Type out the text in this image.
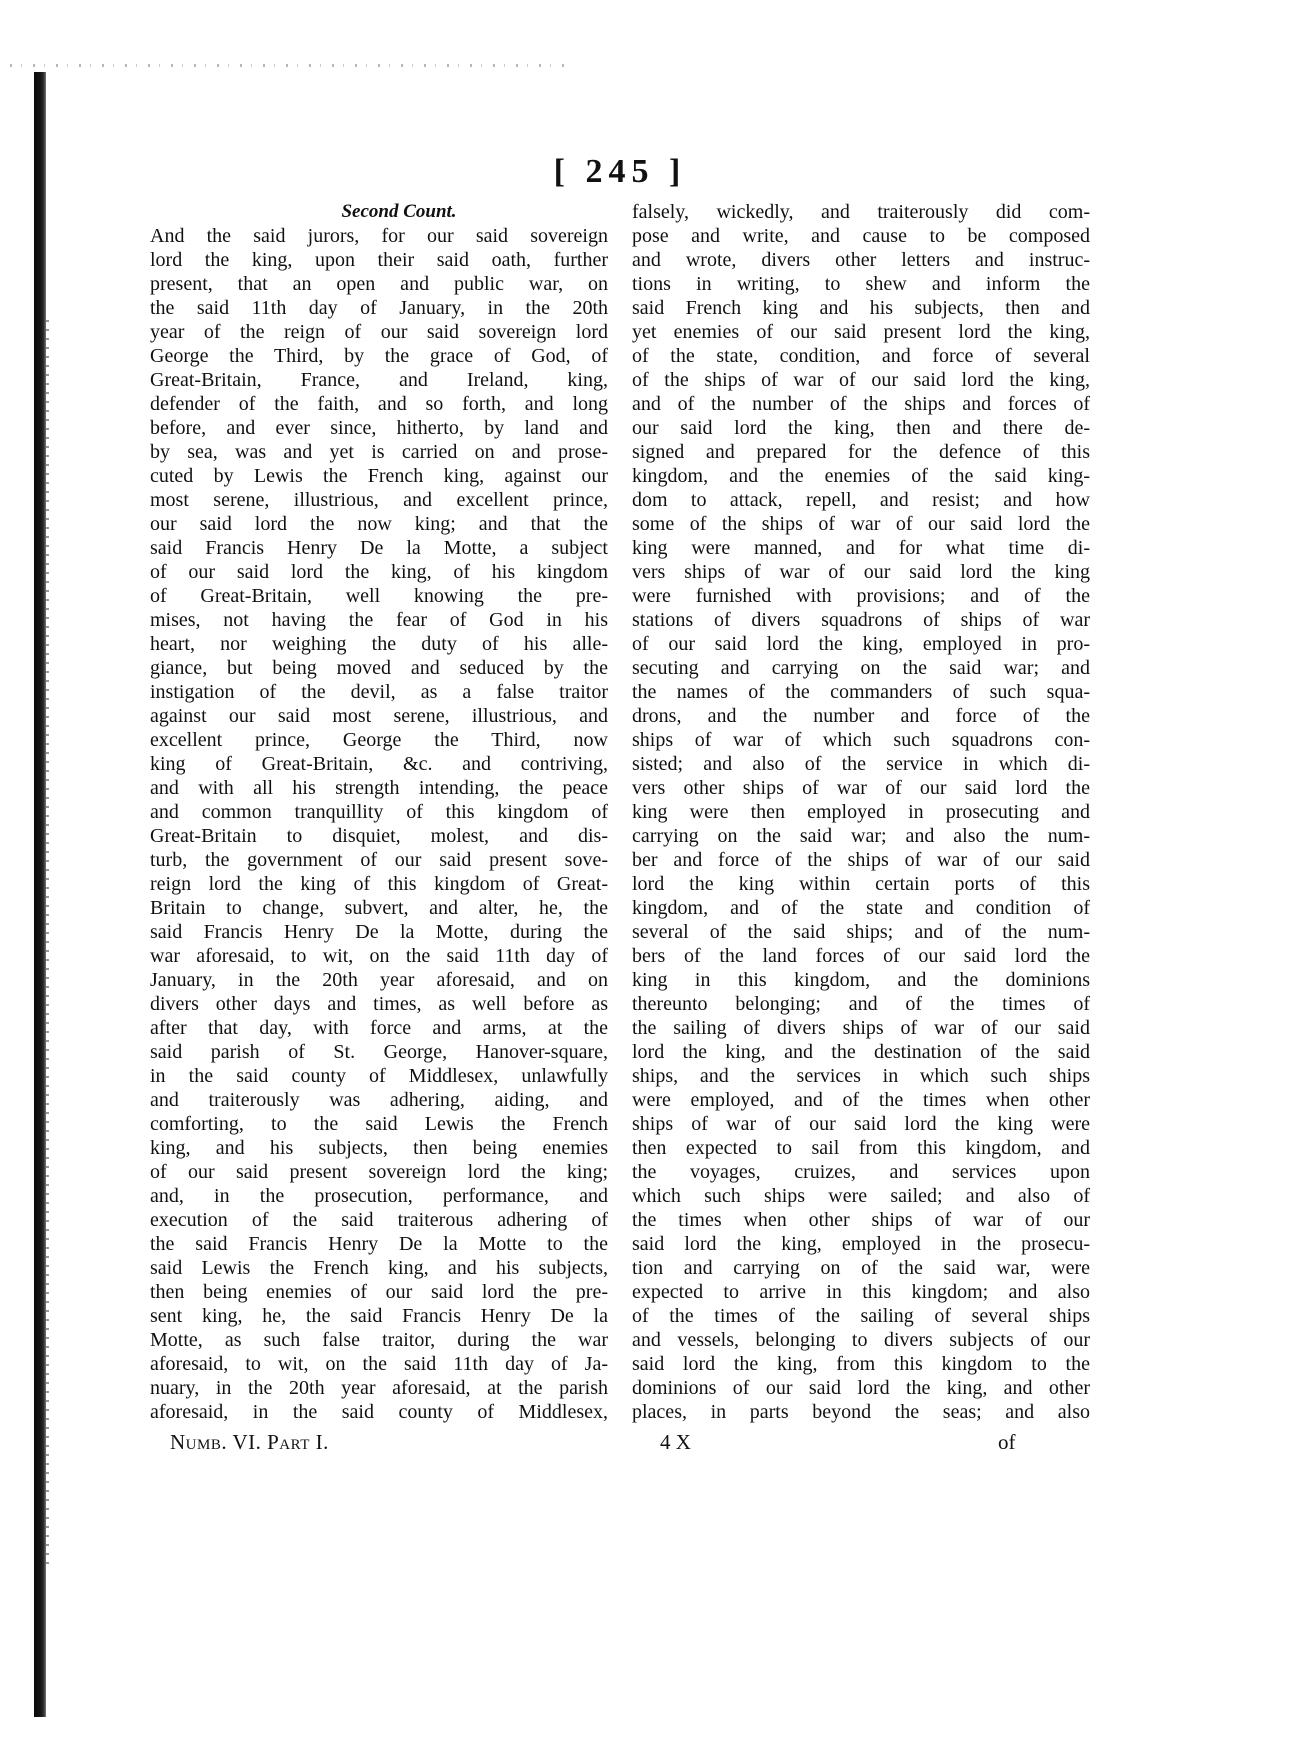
[ 245 ]
Second Count.
And the said jurors, for our said sovereign
lord the king, upon their said oath, further
present, that an open and public war, on
the said 11th day of January, in the 20th
year of the reign of our said sovereign lord
George the Third, by the grace of God, of
Great-Britain, France, and Ireland, king,
defender of the faith, and so forth, and long
before, and ever since, hitherto, by land and
by sea, was and yet is carried on and prose-
cuted by Lewis the French king, against our
most serene, illustrious, and excellent prince,
our said lord the now king; and that the
said Francis Henry De la Motte, a subject
of our said lord the king, of his kingdom
of Great-Britain, well knowing the pre-
mises, not having the fear of God in his
heart, nor weighing the duty of his alle-
giance, but being moved and seduced by the
instigation of the devil, as a false traitor
against our said most serene, illustrious, and
excellent prince, George the Third, now
king of Great-Britain, &c. and contriving,
and with all his strength intending, the peace
and common tranquillity of this kingdom of
Great-Britain to disquiet, molest, and dis-
turb, the government of our said present sove-
reign lord the king of this kingdom of Great-
Britain to change, subvert, and alter, he, the
said Francis Henry De la Motte, during the
war aforesaid, to wit, on the said 11th day of
January, in the 20th year aforesaid, and on
divers other days and times, as well before as
after that day, with force and arms, at the
said parish of St. George, Hanover-square,
in the said county of Middlesex, unlawfully
and traiterously was adhering, aiding, and
comforting, to the said Lewis the French
king, and his subjects, then being enemies
of our said present sovereign lord the king;
and, in the prosecution, performance, and
execution of the said traiterous adhering of
the said Francis Henry De la Motte to the
said Lewis the French king, and his subjects,
then being enemies of our said lord the pre-
sent king, he, the said Francis Henry De la
Motte, as such false traitor, during the war
aforesaid, to wit, on the said 11th day of Ja-
nuary, in the 20th year aforesaid, at the parish
aforesaid, in the said county of Middlesex,
falsely, wickedly, and traiterously did com-
pose and write, and cause to be composed
and wrote, divers other letters and instruc-
tions in writing, to shew and inform the
said French king and his subjects, then and
yet enemies of our said present lord the king,
of the state, condition, and force of several
of the ships of war of our said lord the king,
and of the number of the ships and forces of
our said lord the king, then and there de-
signed and prepared for the defence of this
kingdom, and the enemies of the said king-
dom to attack, repell, and resist; and how
some of the ships of war of our said lord the
king were manned, and for what time di-
vers ships of war of our said lord the king
were furnished with provisions; and of the
stations of divers squadrons of ships of war
of our said lord the king, employed in pro-
secuting and carrying on the said war; and
the names of the commanders of such squa-
drons, and the number and force of the
ships of war of which such squadrons con-
sisted; and also of the service in which di-
vers other ships of war of our said lord the
king were then employed in prosecuting and
carrying on the said war; and also the num-
ber and force of the ships of war of our said
lord the king within certain ports of this
kingdom, and of the state and condition of
several of the said ships; and of the num-
bers of the land forces of our said lord the
king in this kingdom, and the dominions
thereunto belonging; and of the times of
the sailing of divers ships of war of our said
lord the king, and the destination of the said
ships, and the services in which such ships
were employed, and of the times when other
ships of war of our said lord the king were
then expected to sail from this kingdom, and
the voyages, cruizes, and services upon
which such ships were sailed; and also of
the times when other ships of war of our
said lord the king, employed in the prosecu-
tion and carrying on of the said war, were
expected to arrive in this kingdom; and also
of the times of the sailing of several ships
and vessels, belonging to divers subjects of our
said lord the king, from this kingdom to the
dominions of our said lord the king, and other
places, in parts beyond the seas; and also
Numb. VI. Part I.	4 X	of
